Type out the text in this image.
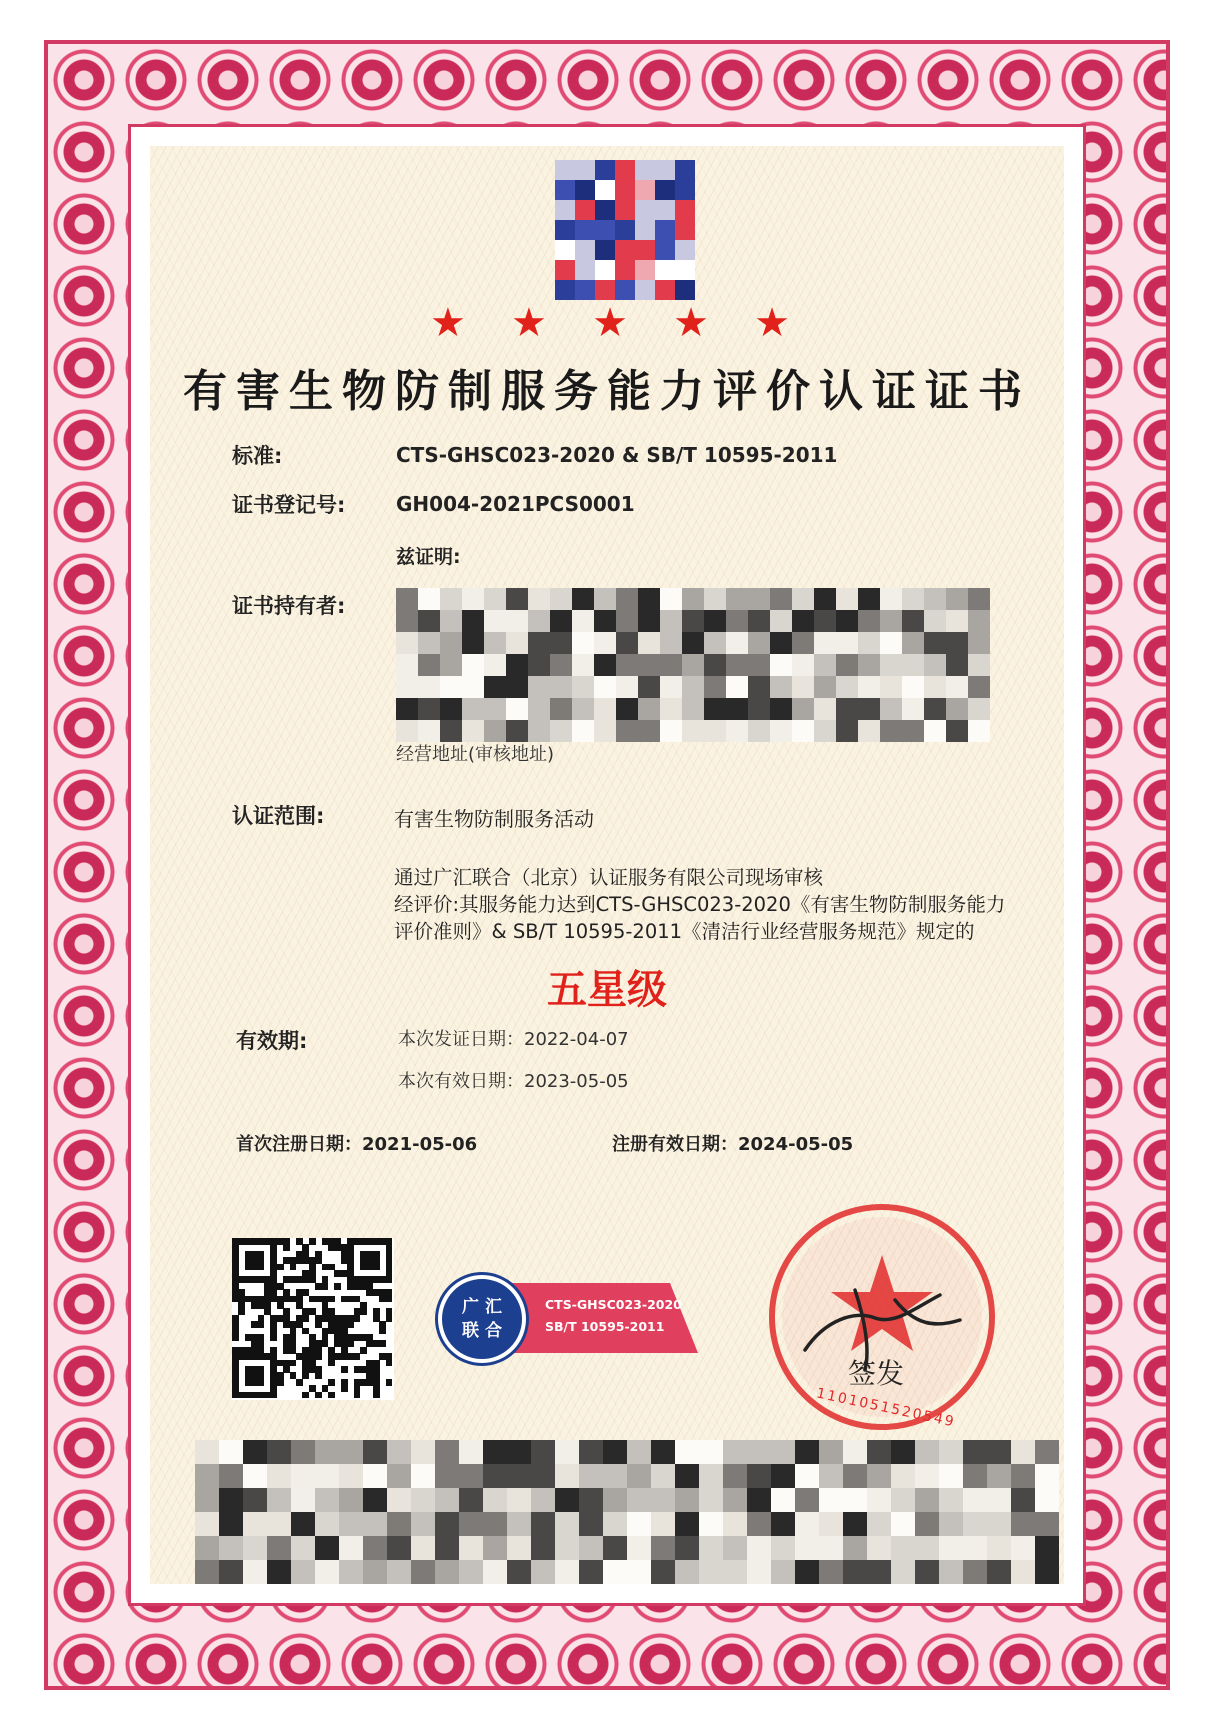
★ ★ ★ ★ ★
有害生物防制服务能力评价认证证书
标准:	CTS-GHSC023-2020 & SB/T 10595-2011
证书登记号:	GH004-2021PCS0001
兹证明:
证书持有者:
经营地址(审核地址)
认证范围:	有害生物防制服务活动
通过广汇联合（北京）认证服务有限公司现场审核
经评价:其服务能力达到CTS-GHSC023-2020《有害生物防制服务能力
评价准则》& SB/T 10595-2011《清洁行业经营服务规范》规定的
五星级
有效期:	本次发证日期：2022-04-07
本次有效日期：2023-05-05
首次注册日期：2021-05-06	注册有效日期：2024-05-05
广 汇
联 合
CTS-GHSC023-2020
SB/T 10595-2011
签发
1101051520549
